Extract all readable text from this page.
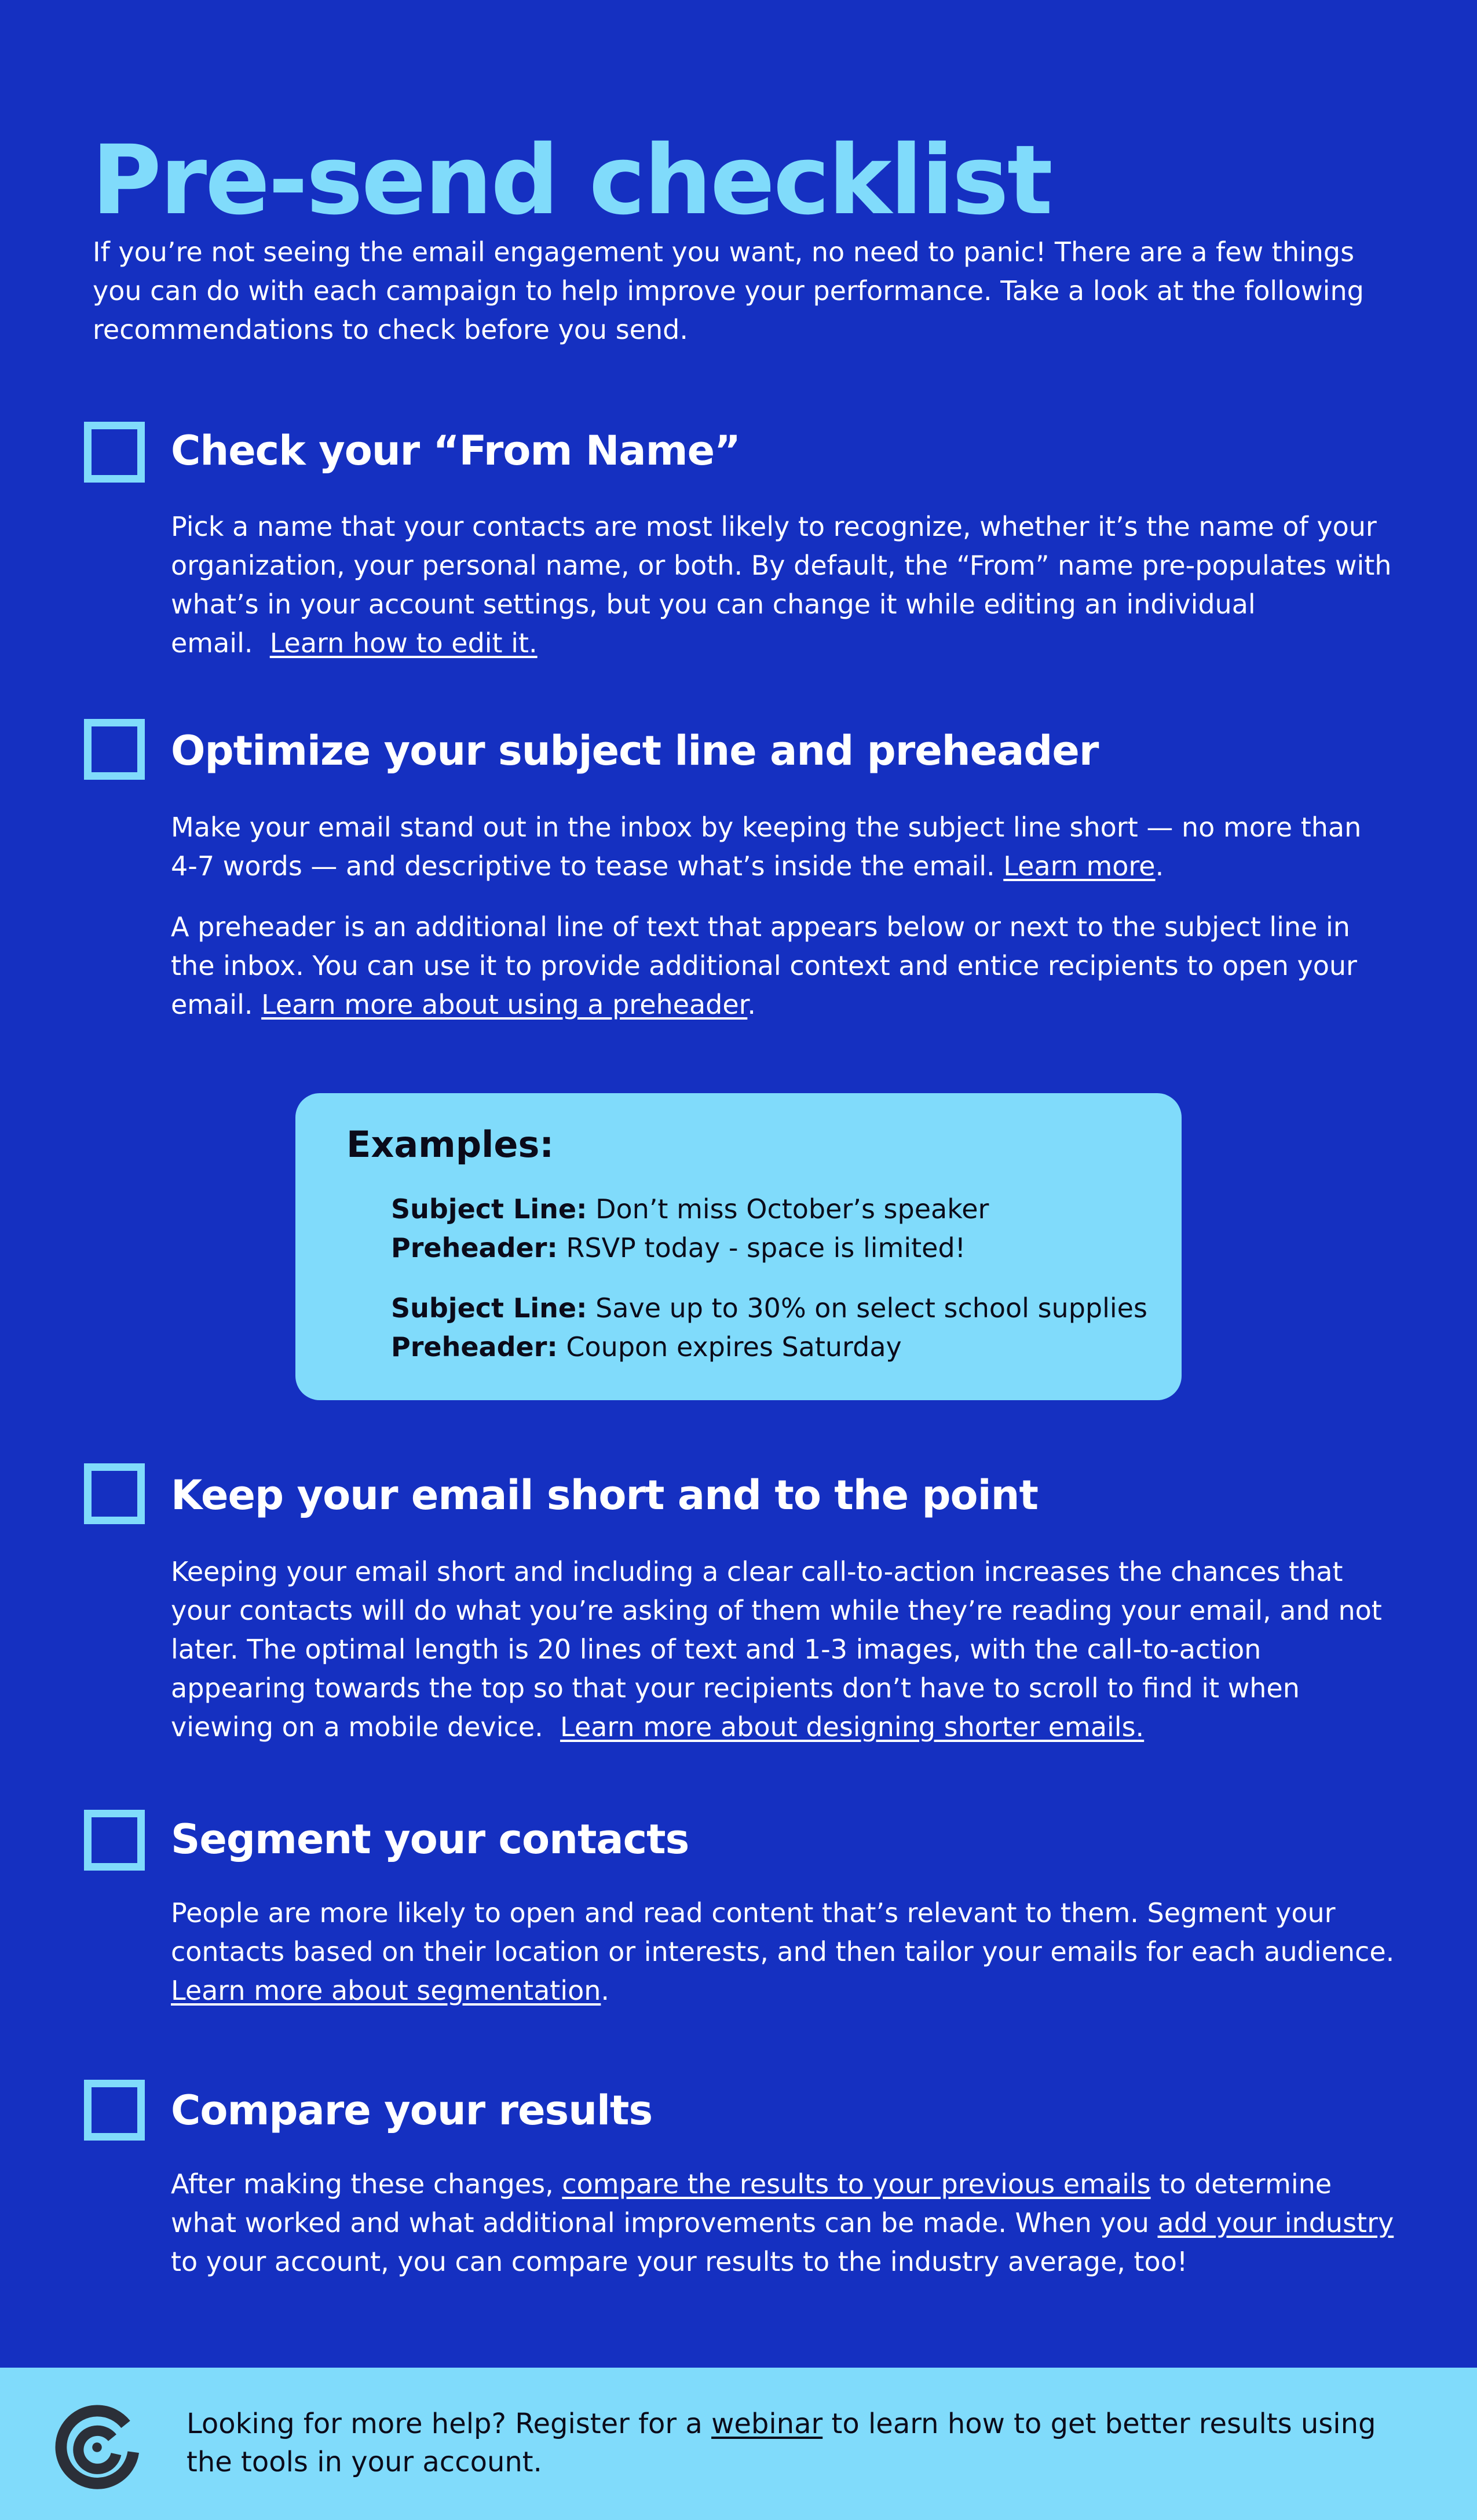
Pre-send checklist
If you’re not seeing the email engagement you want, no need to panic! There are a few things you can do with each campaign to help improve your performance. Take a look at the following recommendations to check before you send.
Check your “From Name”

Pick a name that your contacts are most likely to recognize, whether it’s the name of your organization, your personal name, or both. By default, the “From” name pre-populates with what’s in your account settings, but you can change it while editing an individual email. Learn how to edit it.

Optimize your subject line and preheader

Make your email stand out in the inbox by keeping the subject line short — no more than 4-7 words — and descriptive to tease what’s inside the email. Learn more.

A preheader is an additional line of text that appears below or next to the subject line in the inbox. You can use it to provide additional context and entice recipients to open your email. Learn more about using a preheader.

Examples:
Subject Line: Don’t miss October’s speaker
Preheader: RSVP today - space is limited!
Subject Line: Save up to 30% on select school supplies
Preheader: Coupon expires Saturday
Keep your email short and to the point

Keeping your email short and including a clear call-to-action increases the chances that your contacts will do what you’re asking of them while they’re reading your email, and not later. The optimal length is 20 lines of text and 1-3 images, with the call-to-action appearing towards the top so that your recipients don’t have to scroll to find it when viewing on a mobile device. Learn more about designing shorter emails.

Segment your contacts

People are more likely to open and read content that’s relevant to them. Segment your contacts based on their location or interests, and then tailor your emails for each audience. Learn more about segmentation.

Compare your results

After making these changes, compare the results to your previous emails to determine what worked and what additional improvements can be made. When you add your industry to your account, you can compare your results to the industry average, too!

Looking for more help? Register for a webinar to learn how to get better results using the tools in your account.
